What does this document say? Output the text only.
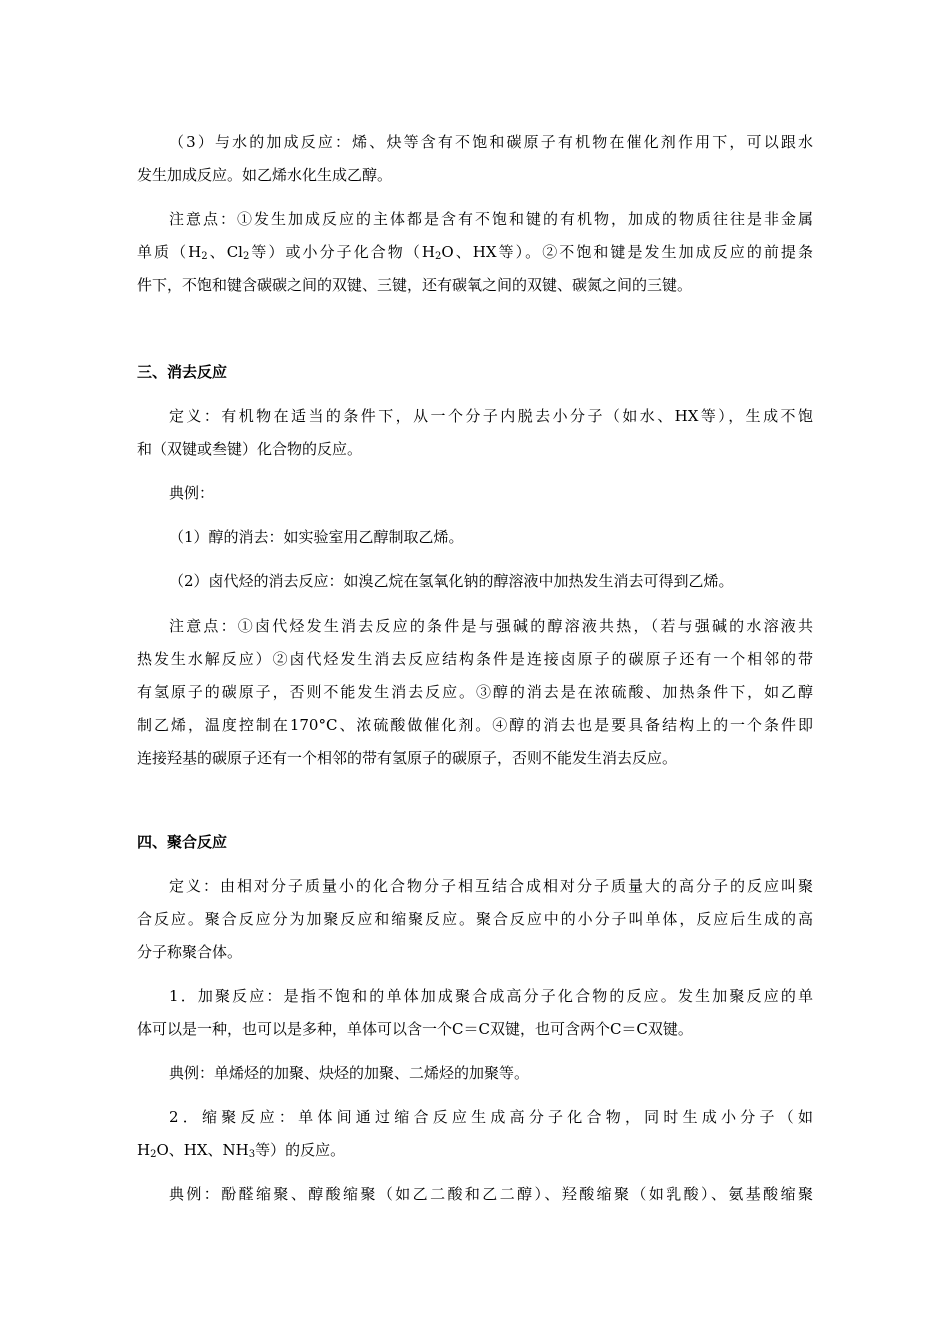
（3）与水的加成反应：烯、炔等含有不饱和碳原子有机物在催化剂作用下，可以跟水
发生加成反应。如乙烯水化生成乙醇。
注意点：①发生加成反应的主体都是含有不饱和键的有机物，加成的物质往往是非金属
单质（$H_2$、$Cl_2$等）或小分子化合物（$H_2O$、HX等）。②不饱和键是发生加成反应的前提条
件下，不饱和键含碳碳之间的双键、三键，还有碳氧之间的双键、碳氮之间的三键。
三、消去反应
定义：有机物在适当的条件下，从一个分子内脱去小分子（如水、HX等），生成不饱
和（双键或叁键）化合物的反应。
典例：
（1）醇的消去：如实验室用乙醇制取乙烯。
（2）卤代烃的消去反应：如溴乙烷在氢氧化钠的醇溶液中加热发生消去可得到乙烯。
注意点：①卤代烃发生消去反应的条件是与强碱的醇溶液共热，（若与强碱的水溶液共
热发生水解反应）②卤代烃发生消去反应结构条件是连接卤原子的碳原子还有一个相邻的带
有氢原子的碳原子，否则不能发生消去反应。③醇的消去是在浓硫酸、加热条件下，如乙醇
制乙烯，温度控制在170°C、浓硫酸做催化剂。④醇的消去也是要具备结构上的一个条件即
连接羟基的碳原子还有一个相邻的带有氢原子的碳原子，否则不能发生消去反应。
四、聚合反应
定义：由相对分子质量小的化合物分子相互结合成相对分子质量大的高分子的反应叫聚
合反应。聚合反应分为加聚反应和缩聚反应。聚合反应中的小分子叫单体，反应后生成的高
分子称聚合体。
1．加聚反应：是指不饱和的单体加成聚合成高分子化合物的反应。发生加聚反应的单
体可以是一种，也可以是多种，单体可以含一个C＝C双键，也可含两个C＝C双键。
典例：单烯烃的加聚、炔烃的加聚、二烯烃的加聚等。
2．缩聚反应：单体间通过缩合反应生成高分子化合物，同时生成小分子（如
$H_2O$、HX、$NH_3$等）的反应。
典例：酚醛缩聚、醇酸缩聚（如乙二酸和乙二醇）、羟酸缩聚（如乳酸）、氨基酸缩聚
